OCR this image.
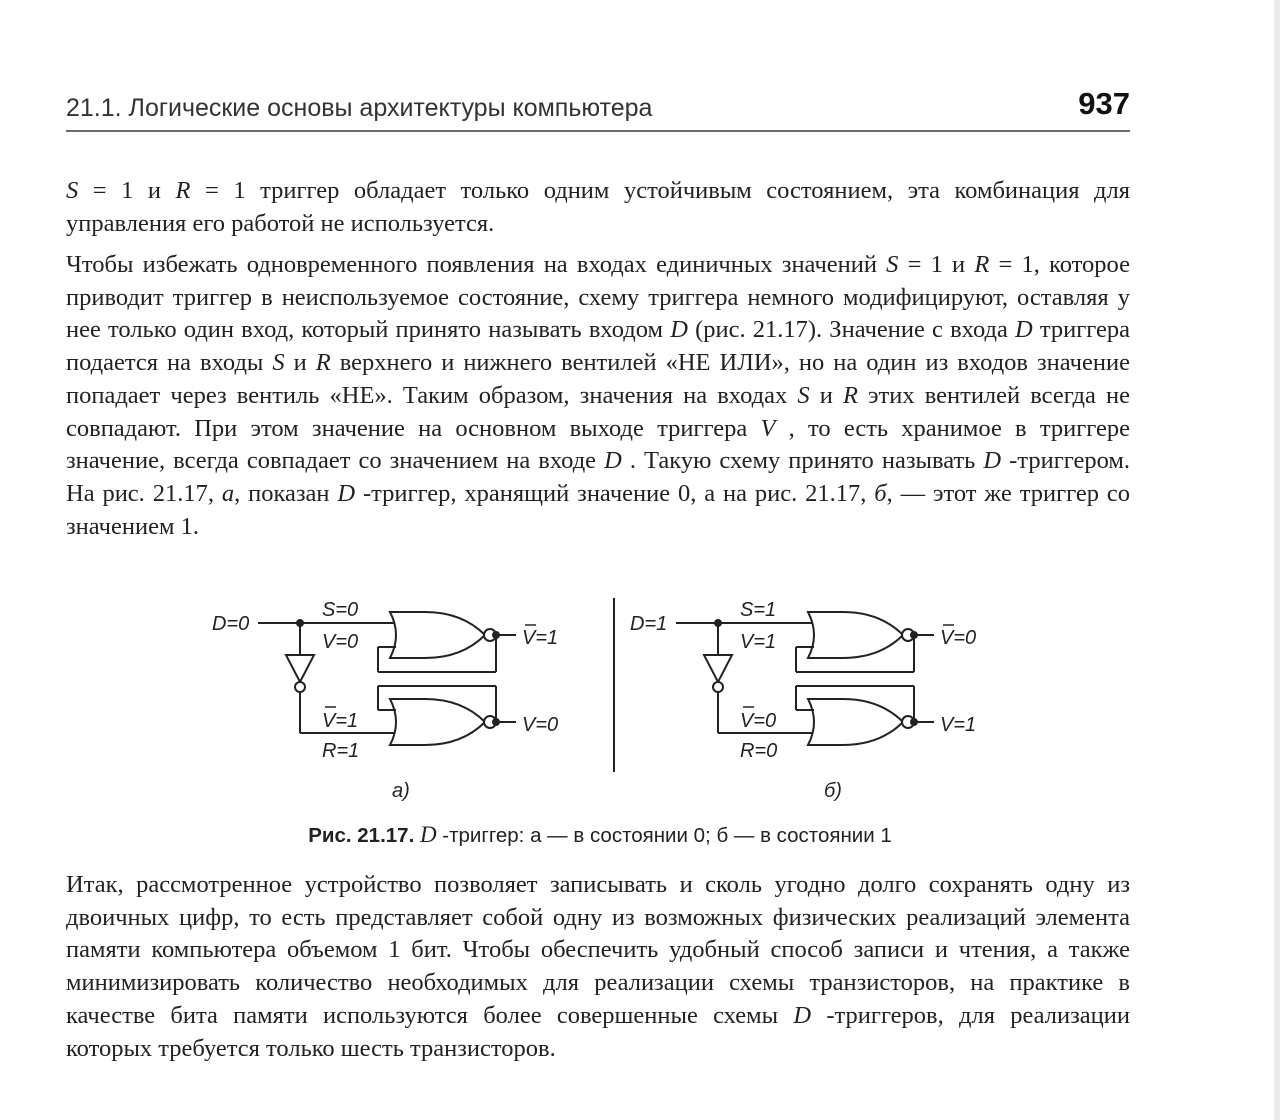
21.1. Логические основы архитектуры компьютера	937

S = 1 и R = 1 триггер обладает только одним устойчивым состоянием, эта комбинация для управления его работой не используется.

Чтобы избежать одновременного появления на входах единичных значений S = 1 и R = 1, которое приводит триггер в неиспользуемое состояние, схему триггера немного модифицируют, оставляя у нее только один вход, который принято называть входом D (рис. 21.17). Значение с входа D триггера подается на входы S и R верхнего и нижнего вентилей «НЕ ИЛИ», но на один из входов значение попадает через вентиль «НЕ». Таким образом, значения на входах S и R этих вентилей всегда не совпадают. При этом значение на основном выходе триггера V , то есть хранимое в триггере значение, всегда совпадает со значением на входе D . Такую схему принято называть D -триггером. На рис. 21.17, а, показан D -триггер, хранящий значение 0, а на рис. 21.17, б, — этот же триггер со значением 1.

D=0
S=0
V=0	V=1
V=1
R=1
V=0
а)
D=1
S=1
V=1	V=0
V=0
R=0
V=1
б)
Рис. 21.17. D -триггер: а — в состоянии 0; б — в состоянии 1

Итак, рассмотренное устройство позволяет записывать и сколь угодно долго сохранять одну из двоичных цифр, то есть представляет собой одну из возможных физических реализаций элемента памяти компьютера объемом 1 бит. Чтобы обеспечить удобный способ записи и чтения, а также минимизировать количество необходимых для реализации схемы транзисторов, на практике в качестве бита памяти используются более совершенные схемы D -триггеров, для реализации которых требуется только шесть транзисторов.
